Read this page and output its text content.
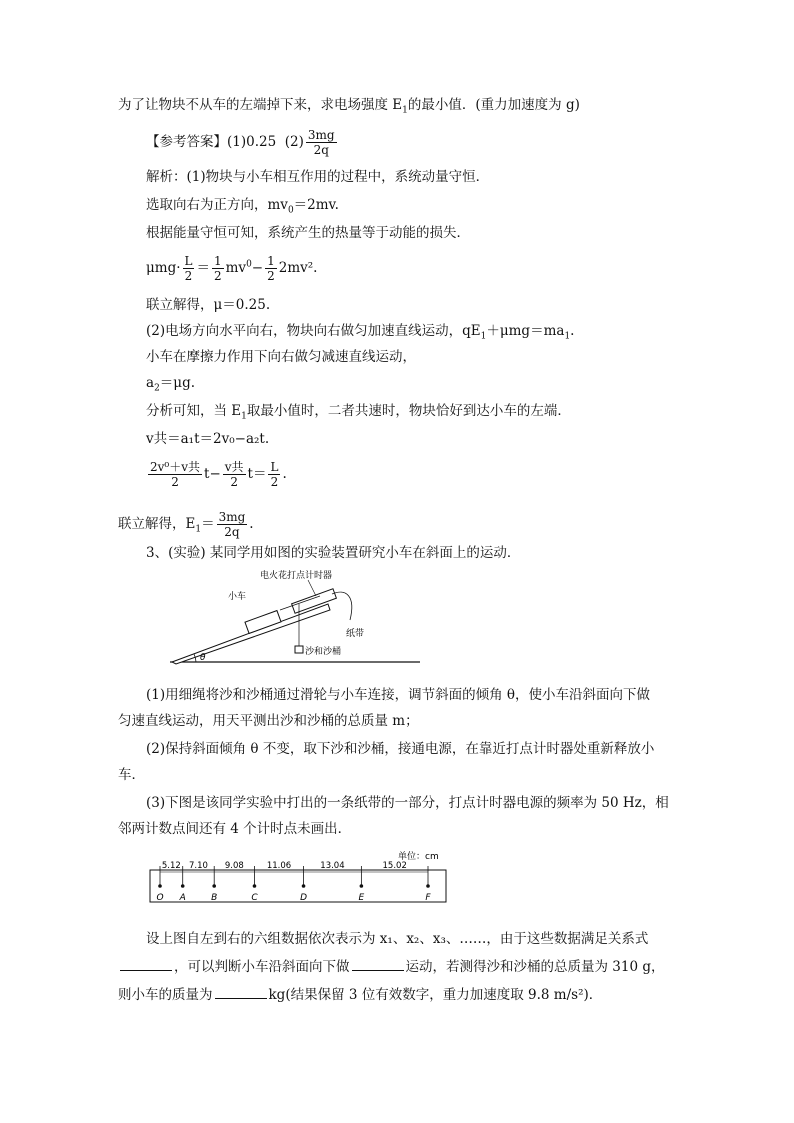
为了让物块不从车的左端掉下来，求电场强度 $E_1$的最小值．(重力加速度为 g)
【参考答案】(1)0.25 $(2) \frac{3mg}{2q}$
解析：(1)物块与小车相互作用的过程中，系统动量守恒．
选取向右为正方向，$mv_0=2mv$.
根据能量守恒可知，系统产生的热量等于动能的损失．
$\mu mg\cdot \frac{L}{2} = \frac{1}{2} mv^0- \frac{1}{2} 2mv^2$.
联立解得，μ＝0.25.
(2)电场方向水平向右，物块向右做匀加速直线运动，$qE_1+\mu mg=ma_1$.
小车在摩擦力作用下向右做匀减速直线运动，
$a_2=\mu g$.
分析可知，当 $E_1$取最小值时，二者共速时，物块恰好到达小车的左端．
v共＝a₁t＝2v₀−a₂t.
$\frac{\text{2v⁰＋v共}}{2} t- \frac{\text{v共}}{2} t= \frac{L}{2}$ .
联立解得，$E_1= \frac{3mg}{2q}$ .
3、(实验) 某同学用如图的实验装置研究小车在斜面上的运动．
θ
电火花打点计时器
小车
纸带
沙和沙桶
(1)用细绳将沙和沙桶通过滑轮与小车连接，调节斜面的倾角 θ，使小车沿斜面向下做
匀速直线运动，用天平测出沙和沙桶的总质量 m；
(2)保持斜面倾角 θ 不变，取下沙和沙桶，接通电源，在靠近打点计时器处重新释放小
车．
(3)下图是该同学实验中打出的一条纸带的一部分，打点计时器电源的频率为 50 Hz，相
邻两计数点间还有 4 个计时点未画出．
单位：cm
O A	B	C	D	E	F
5.12 7.10 9.08	11.06	13.04	15.02
设上图自左到右的六组数据依次表示为 x₁、x₂、x₃、……，由于这些数据满足关系式
，可以判断小车沿斜面向下做	运动，若测得沙和沙桶的总质量为 310 g，
则小车的质量为	kg(结果保留 3 位有效数字，重力加速度取 9.8 m/s²)．
